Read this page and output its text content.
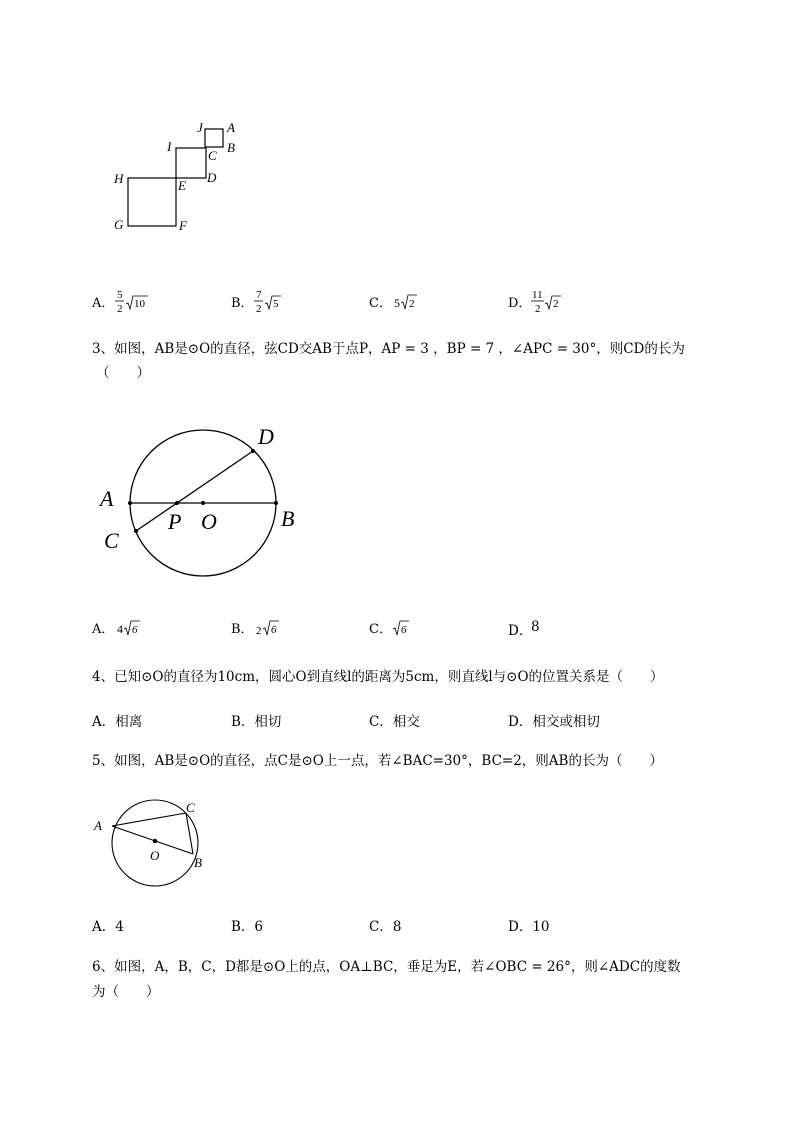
J A
C
B
I
D
H	E
G	F
A．
5
2 10	B．
7
2 5	C． 5 2	D．
11
2 2
3、如图，AB是⊙O的直径，弦CD交AB于点P，AP = 3 ，BP = 7 ，∠APC = 30°，则CD的长为
（　　）
D
A
C
P O	B
A． 4 6	B． 2 6	C． 6	D．
8
4、已知⊙O的直径为10cm，圆心O到直线l的距离为5cm，则直线l与⊙O的位置关系是（　　）
A．相离	B．相切	C．相交	D．相交或相切
5、如图，AB是⊙O的直径，点C是⊙O上一点，若∠BAC=30°，BC=2，则AB的长为（　　）
A
C
O	B
A．4	B．6	C．8	D．10
6、如图，A，B，C，D都是⊙O上的点，OA⊥BC，垂足为E，若∠OBC = 26°，则∠ADC的度数
为（　　）
